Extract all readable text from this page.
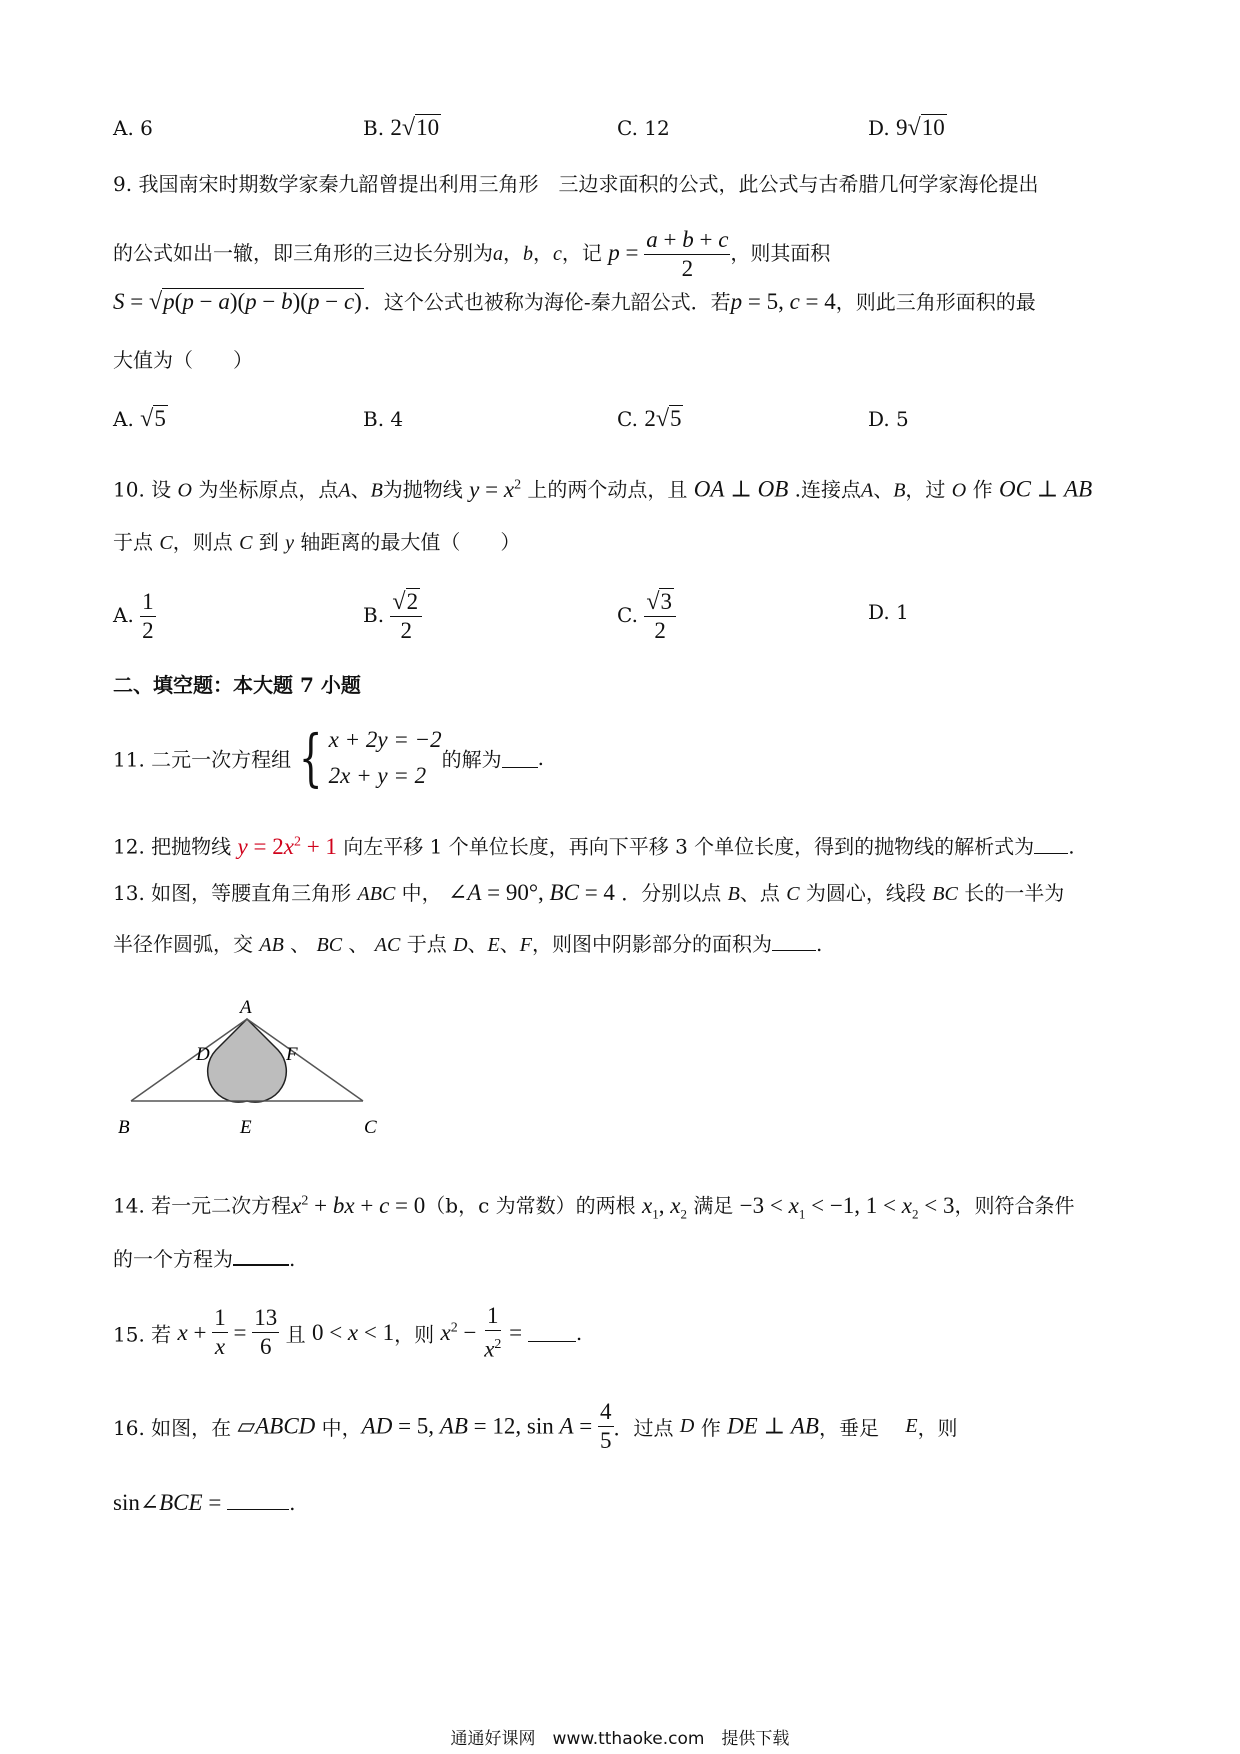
A. 6	B. 2√10	C. 12	D. 9√10
9. 我国南宋时期数学家秦九韶曾提出利用三角形　三边求面积的公式，此公式与古希腊几何学家海伦提出
的公式如出一辙，即三角形的三边长分别为a，b，c，记 $p = \frac{a + b + c}{2}$ ，则其面积
S = √p(p − a)(p − b)(p − c) ．这个公式也被称为海伦-秦九韶公式．若p = 5, c = 4，则此三角形面积的最
大值为（　　）
A. √5	B. 4	C. 2√5	D. 5
10. 设 O 为坐标原点，点A、B为抛物线 $y = x^2$ 上的两个动点，且 OA ⊥ OB .连接点A、B，过 O 作 OC ⊥ AB
于点 C，则点 C 到 y 轴距离的最大值（　　）
A. $\frac{1}{2}$	B. $\frac{√2}{2}$	C. $\frac{√3}{2}$	D. 1
二、填空题：本大题 7 小题
11. 二元一次方程组 { x + 2y = −2
2x + y = 2
的解为 .
12. 把抛物线 $y = 2x^2 + 1$ 向左平移 1 个单位长度，再向下平移 3 个单位长度，得到的抛物线的解析式为 .
13. 如图，等腰直角三角形 ABC 中， ∠A = 90°, BC = 4 ．分别以点 B、点 C 为圆心，线段 BC 长的一半为
半径作圆弧，交 AB 、 BC 、 AC 于点 D、E、F，则图中阴影部分的面积为 .
A
D	F
B	E	C
14. 若一元二次方程$x^2$ + bx + c = 0（b，c 为常数）的两根 $x_1$, $x_2$ 满足 $-3 < x_1 < -1$, $1 < x_2 < 3$，则符合条件
的一个方程为	.
15. 若 $x + \frac{1}{x} = \frac{13}{6}$ 且 0 < x < 1，则 $x^2 - \frac{1}{x^2}$ = .
16. 如图，在 ▱ABCD 中，AD = 5, AB = 12, $\sin A = \frac{4}{5}$ ．过点 D 作 DE ⊥ AB，垂足　 E，则
sin∠BCE =	.
通通好课网　www.tthaoke.com　提供下载
